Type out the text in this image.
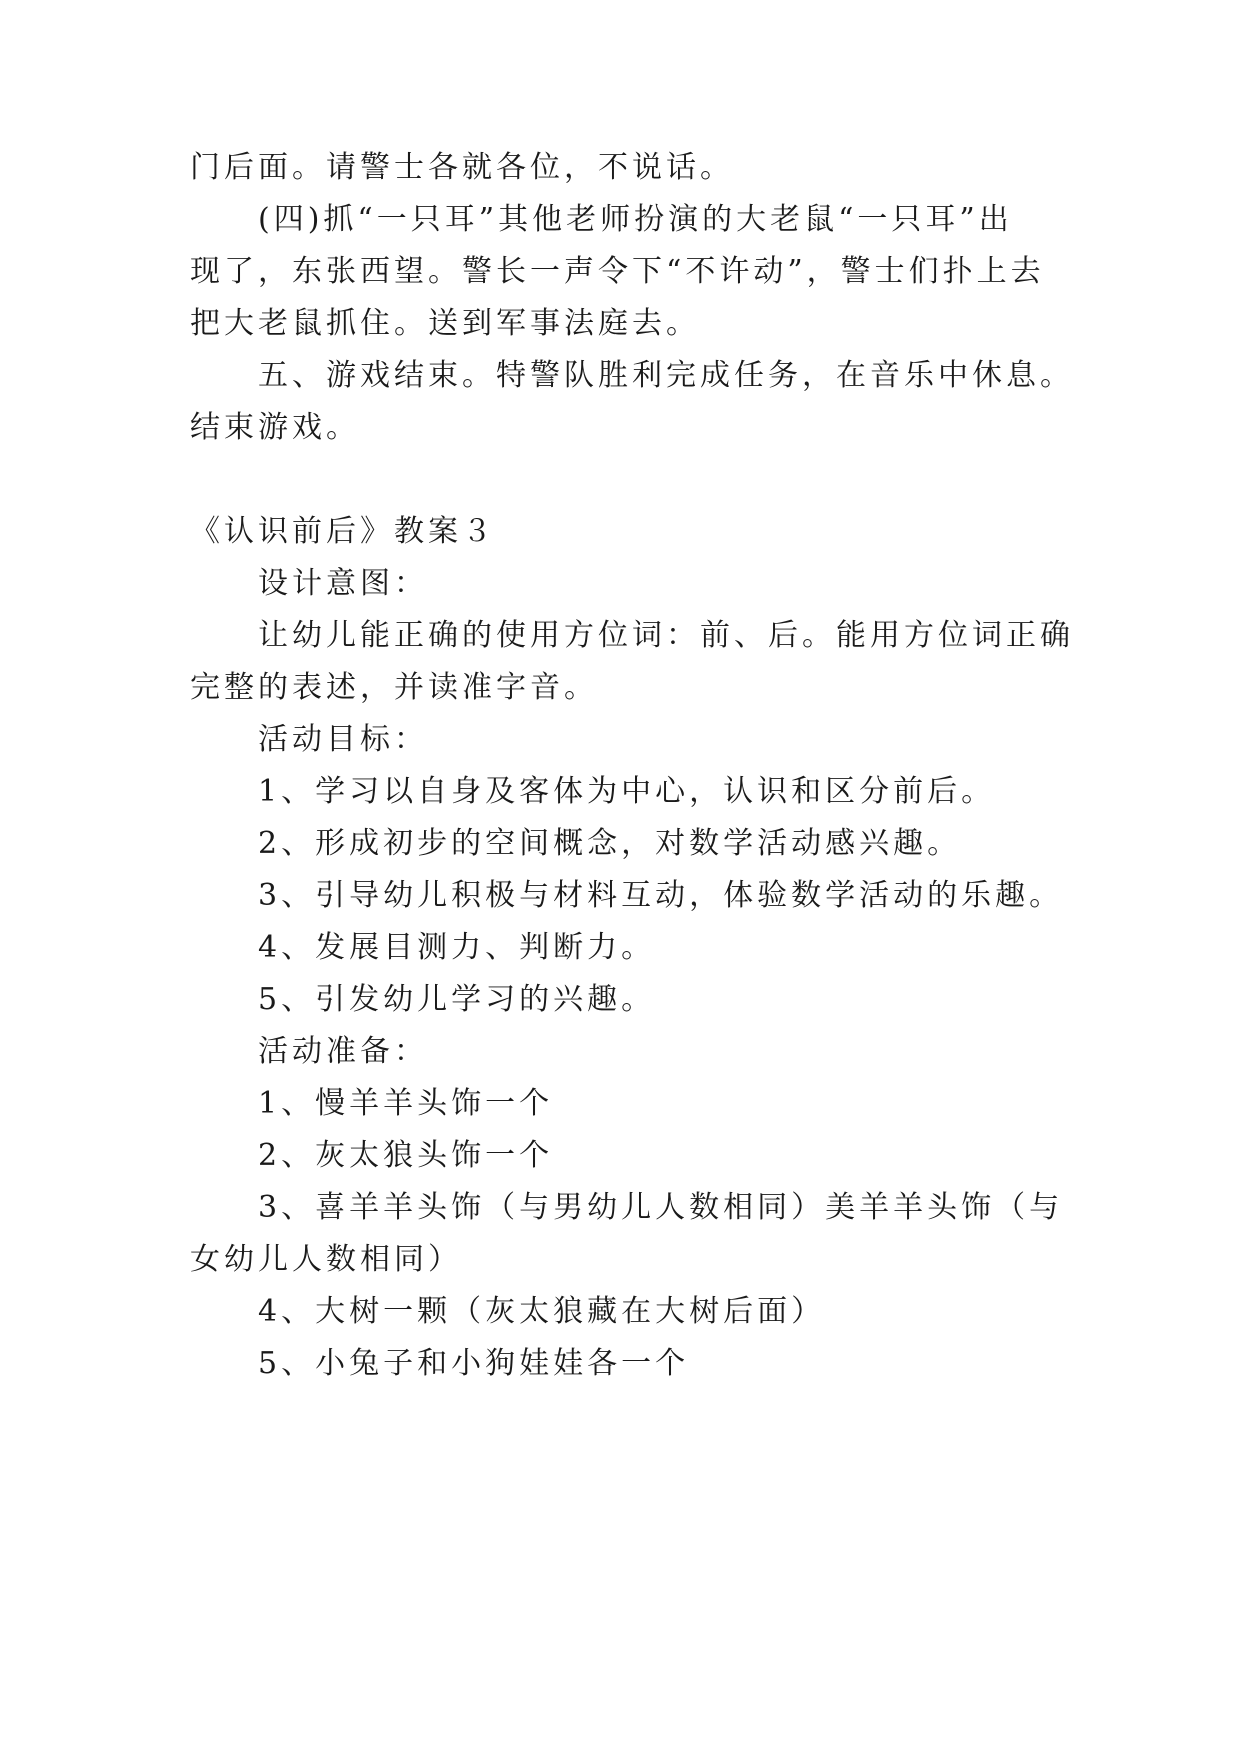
门后面。请警士各就各位，不说话。
(四)抓“一只耳”其他老师扮演的大老鼠“一只耳”出
现了，东张西望。警长一声令下“不许动”，警士们扑上去
把大老鼠抓住。送到军事法庭去。
五、游戏结束。特警队胜利完成任务，在音乐中休息。
结束游戏。
《认识前后》教案３
设计意图：
让幼儿能正确的使用方位词：前、后。能用方位词正确
完整的表述，并读准字音。
活动目标：
1、学习以自身及客体为中心，认识和区分前后。
2、形成初步的空间概念，对数学活动感兴趣。
3、引导幼儿积极与材料互动，体验数学活动的乐趣。
4、发展目测力、判断力。
5、引发幼儿学习的兴趣。
活动准备：
1、慢羊羊头饰一个
2、灰太狼头饰一个
3、喜羊羊头饰（与男幼儿人数相同）美羊羊头饰（与
女幼儿人数相同）
4、大树一颗（灰太狼藏在大树后面）
5、小兔子和小狗娃娃各一个
